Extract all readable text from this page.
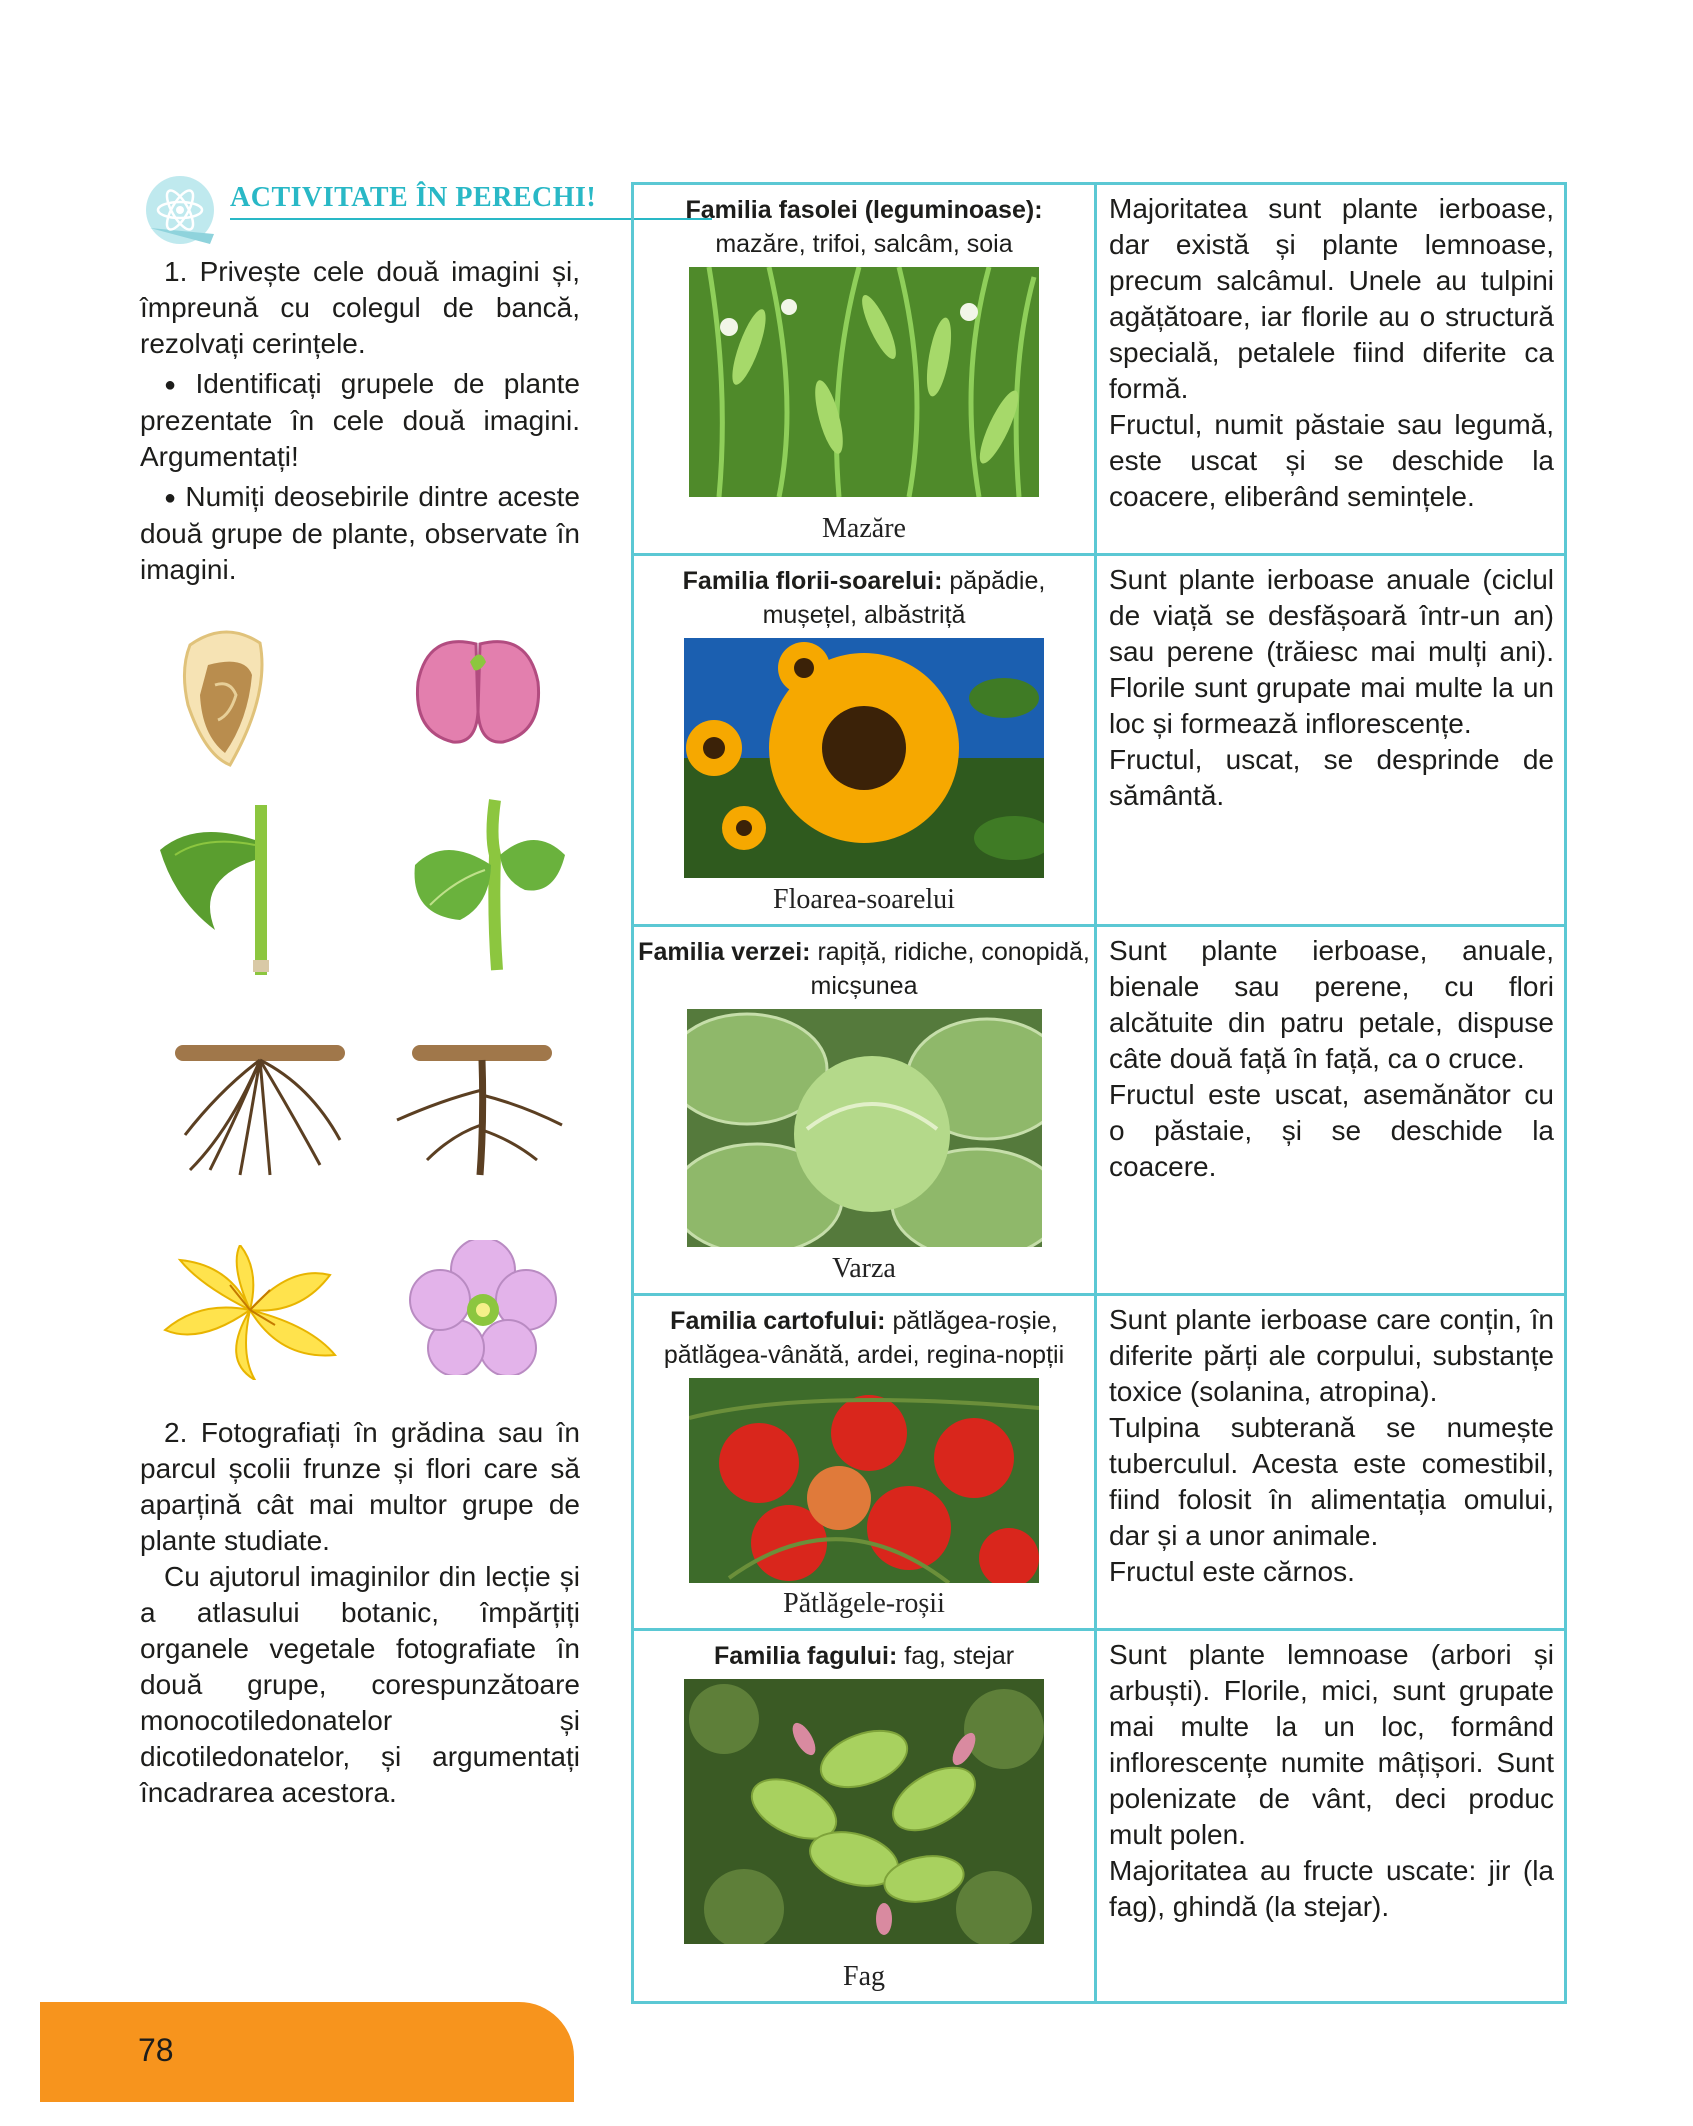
ACTIVITATE ÎN PERECHI!

1. Privește cele două imagini și, împreună cu colegul de bancă, rezolvați cerințele.

● Identificați grupele de plante prezentate în cele două imagini. Argumentați!

● Numiți deosebirile dintre aceste două grupe de plante, observate în imagini.

2. Fotografiați în grădina sau în parcul școlii frunze și flori care să aparțină cât mai multor grupe de plante studiate.

Cu ajutorul imaginilor din lecție și a atlasului botanic, împărțiți organele vegetale fotografiate în două grupe, corespunzătoare monocotiledonatelor și dicotiledonatelor, și argumentați încadrarea acestora.

78
Familia fasolei (leguminoase):
mazăre, trifoi, salcâm, soia
Mazăre

Majoritatea sunt plante ierboase, dar există și plante lemnoase, precum salcâmul. Unele au tulpini agățătoare, iar florile au o structură specială, petalele fiind diferite ca formă.

Fructul, numit păstaie sau legumă, este uscat și se deschide la coacere, eliberând semințele.

Familia florii-soarelui: păpădie, mușețel, albăstriță
Floarea-soarelui

Sunt plante ierboase anuale (ciclul de viață se desfășoară într-un an) sau perene (trăiesc mai mulți ani). Florile sunt grupate mai multe la un loc și formează inflorescențe.

Fructul, uscat, se desprinde de sământă.

Familia verzei: rapiță, ridiche, conopidă, micșunea
Varza

Sunt plante ierboase, anuale, bienale sau perene, cu flori alcătuite din patru petale, dispuse câte două față în față, ca o cruce.

Fructul este uscat, asemănător cu o păstaie, și se deschide la coacere.

Familia cartofului: pătlăgea-roșie, pătlăgea-vânătă, ardei, regina-nopții
Pătlăgele-roșii

Sunt plante ierboase care conțin, în diferite părți ale corpului, substanțe toxice (solanina, atropina).

Tulpina subterană se numește tuberculul. Acesta este comestibil, fiind folosit în alimentația omului, dar și a unor animale.

Fructul este cărnos.

Familia fagului: fag, stejar
Fag

Sunt plante lemnoase (arbori și arbuști). Florile, mici, sunt grupate mai multe la un loc, formând inflorescențe numite mâțișori. Sunt polenizate de vânt, deci produc mult polen.

Majoritatea au fructe uscate: jir (la fag), ghindă (la stejar).
